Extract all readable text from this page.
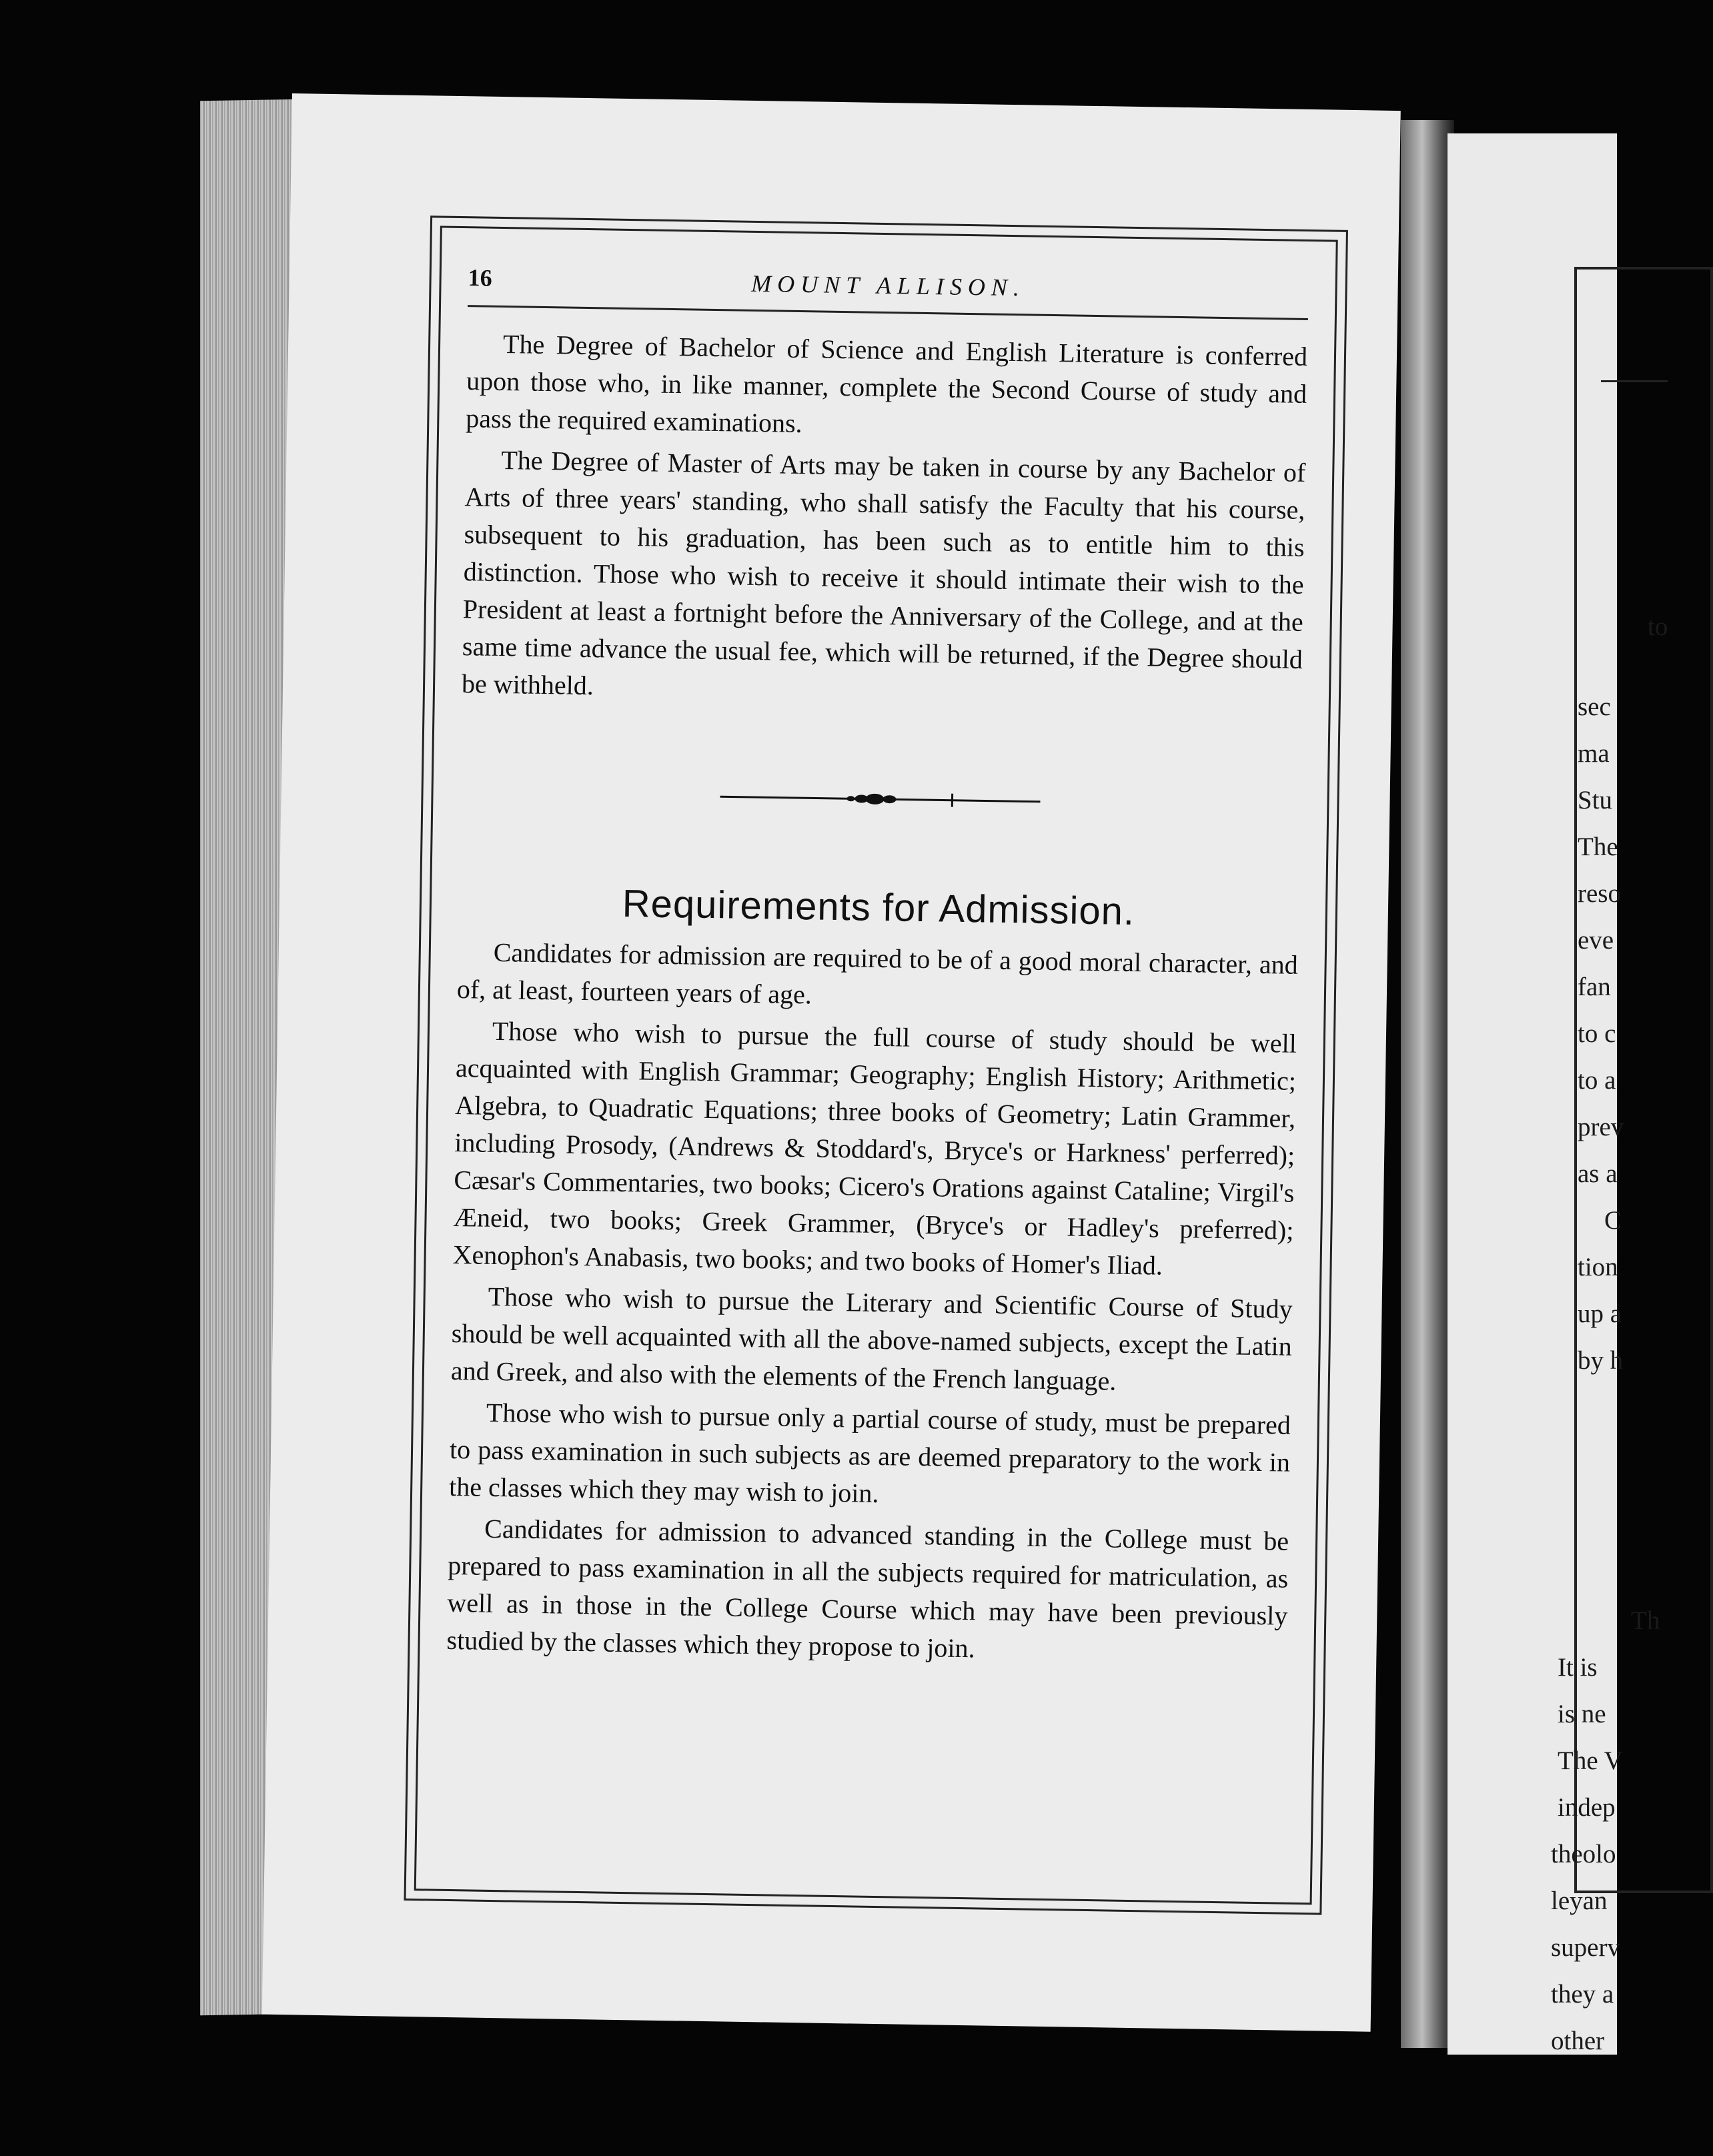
16	MOUNT ALLISON.

The Degree of Bachelor of Science and English Literature is conferred upon those who, in like manner, complete the Second Course of study and pass the required examinations.

The Degree of Master of Arts may be taken in course by any Bachelor of Arts of three years' standing, who shall satisfy the Faculty that his course, subsequent to his graduation, has been such as to entitle him to this distinction. Those who wish to receive it should intimate their wish to the President at least a fortnight before the Anniversary of the College, and at the same time advance the usual fee, which will be returned, if the Degree should be withheld.

Requirements for Admission.

Candidates for admission are required to be of a good moral character, and of, at least, fourteen years of age.

Those who wish to pursue the full course of study should be well acquainted with English Grammar; Geography; English History; Arithmetic; Algebra, to Quadratic Equations; three books of Geometry; Latin Grammer, including Prosody, (Andrews & Stoddard's, Bryce's or Harkness' perferred); Cæsar's Commentaries, two books; Cicero's Orations against Cataline; Virgil's Æneid, two books; Greek Grammer, (Bryce's or Hadley's preferred); Xenophon's Anabasis, two books; and two books of Homer's Iliad.

Those who wish to pursue the Literary and Scientific Course of Study should be well acquainted with all the above-named subjects, except the Latin and Greek, and also with the elements of the French language.

Those who wish to pursue only a partial course of study, must be prepared to pass examination in such subjects as are deemed preparatory to the work in the classes which they may wish to join.

Candidates for admission to advanced standing in the College must be prepared to pass examination in all the subjects required for matriculation, as well as in those in the College Course which may have been previously studied by the classes which they propose to join.

to
sec
ma
Stu
The
reso
eve
fan
to c
to a
prev
as a
C
tion
up a
by h
Th
It is
is ne
The V
indep
theolo
leyan
superv
they a
other
